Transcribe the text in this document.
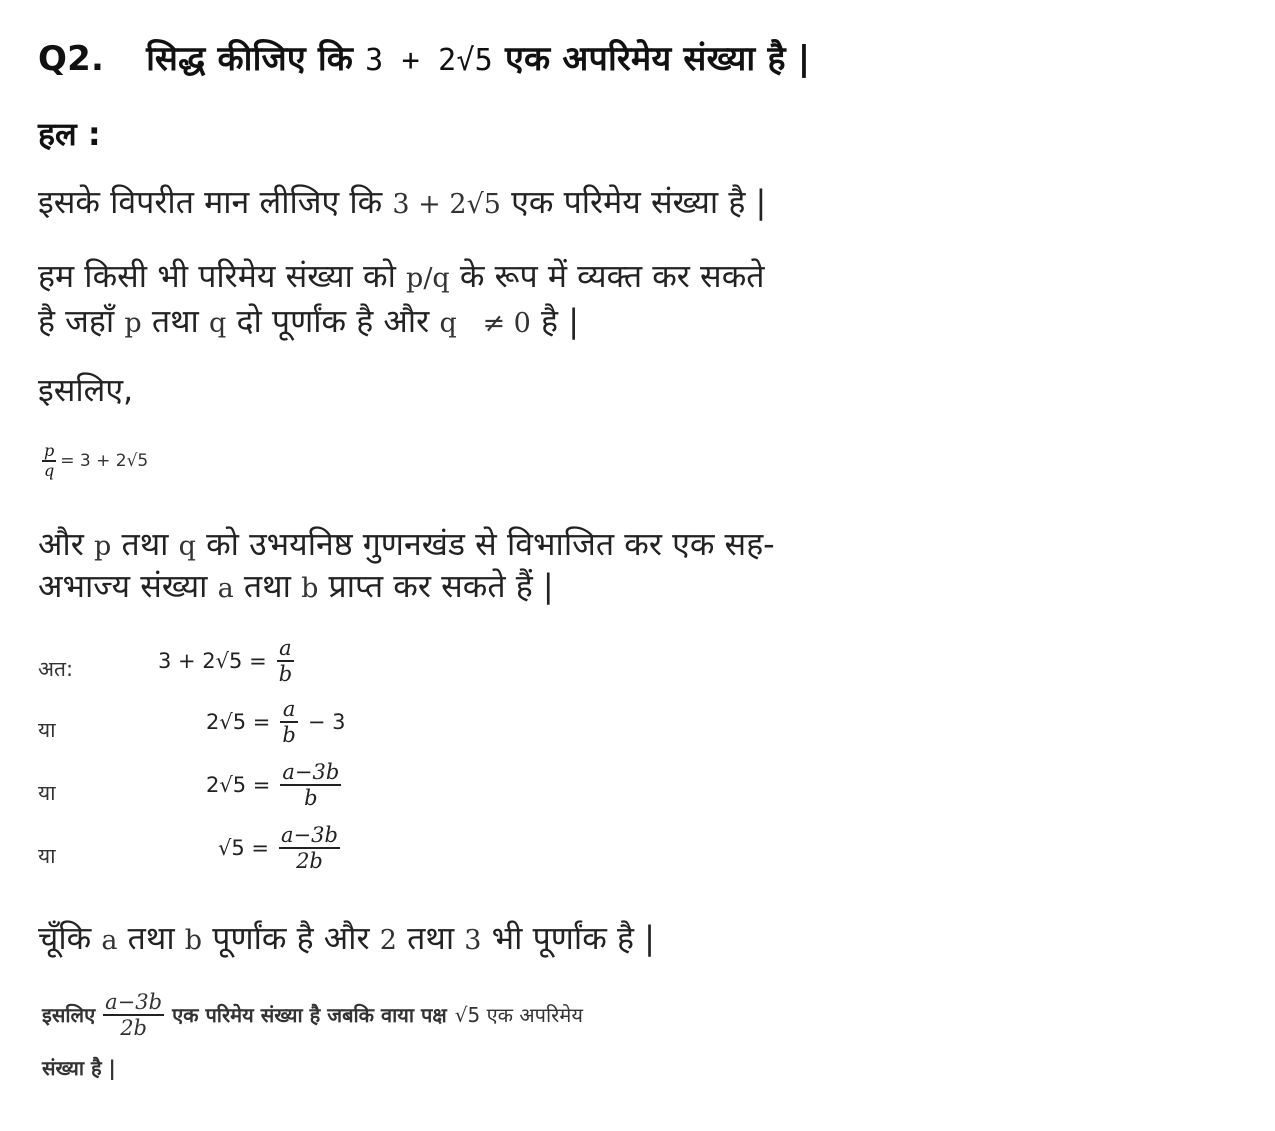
Q2. सिद्ध कीजिए कि 3 + 2√5 एक अपरिमेय संख्या है |
हल :
इसके विपरीत मान लीजिए कि 3 + 2√5 एक परिमेय संख्या है |
हम किसी भी परिमेय संख्या को p/q के रूप में व्यक्त कर सकते
है जहाँ p तथा q दो पूर्णांक है और q   ≠ 0 है |
इसलिए,
$\frac{p}{q} = 3 + 2√5$
और p तथा q को उभयनिष्ठ गुणनखंड से विभाजित कर एक सह-
अभाज्य संख्या a तथा b प्राप्त कर सकते हैं |
अत:	$3 + 2√5 = \frac{a}{b}$
या	$2√5 = \frac{a}{b} - 3$
या	$2√5 = \frac{a-3b}{b}$
या	$√5 = \frac{a-3b}{2b}$
चूँकि a तथा b पूर्णांक है और 2 तथा 3 भी पूर्णांक है |
इसलिए $\frac{a-3b}{2b}$ एक परिमेय संख्या है जबकि वाया पक्ष √5 एक अपरिमेय
संख्या है |
